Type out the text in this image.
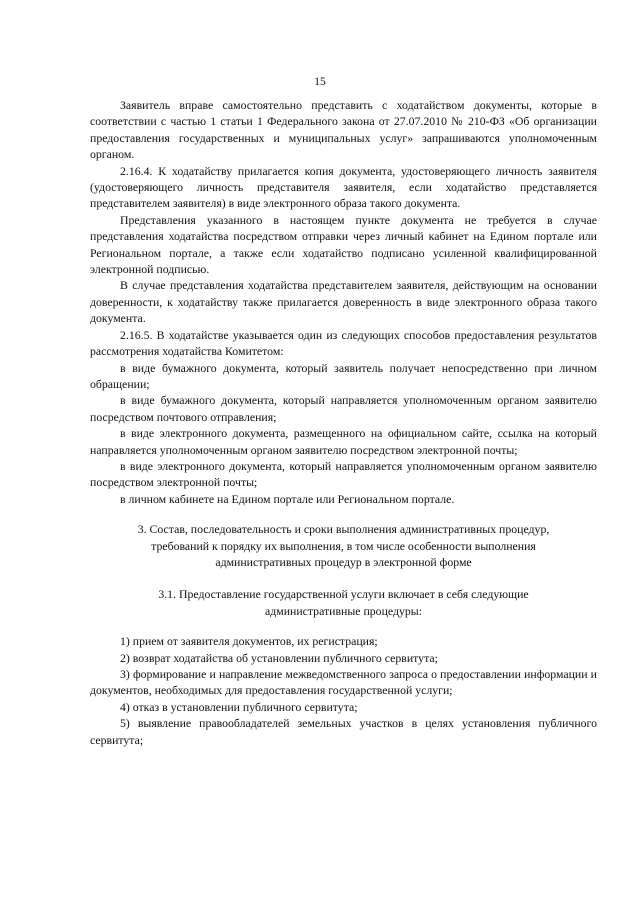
15

Заявитель вправе самостоятельно представить с ходатайством документы, которые в соответствии с частью 1 статьи 1 Федерального закона от 27.07.2010 № 210-ФЗ «Об организации предоставления государственных и муниципальных услуг» запрашиваются уполномоченным органом.

2.16.4. К ходатайству прилагается копия документа, удостоверяющего личность заявителя (удостоверяющего личность представителя заявителя, если ходатайство представляется представителем заявителя) в виде электронного образа такого документа.

Представления указанного в настоящем пункте документа не требуется в случае представления ходатайства посредством отправки через личный кабинет на Едином портале или Региональном портале, а также если ходатайство подписано усиленной квалифицированной электронной подписью.

В случае представления ходатайства представителем заявителя, действующим на основании доверенности, к ходатайству также прилагается доверенность в виде электронного образа такого документа.

2.16.5. В ходатайстве указывается один из следующих способов предоставления результатов рассмотрения ходатайства Комитетом:

в виде бумажного документа, который заявитель получает непосредственно при личном обращении;

в виде бумажного документа, который направляется уполномоченным органом заявителю посредством почтового отправления;

в виде электронного документа, размещенного на официальном сайте, ссылка на который направляется уполномоченным органом заявителю посредством электронной почты;

в виде электронного документа, который направляется уполномоченным органом заявителю посредством электронной почты;

в личном кабинете на Едином портале или Региональном портале.

3. Состав, последовательность и сроки выполнения административных процедур,

требований к порядку их выполнения, в том числе особенности выполнения

административных процедур в электронной форме

3.1. Предоставление государственной услуги включает в себя следующие

административные процедуры:

1) прием от заявителя документов, их регистрация;

2) возврат ходатайства об установлении публичного сервитута;

3) формирование и направление межведомственного запроса о предоставлении информации и документов, необходимых для предоставления государственной услуги;

4) отказ в установлении публичного сервитута;

5) выявление правообладателей земельных участков в целях установления публичного сервитута;
